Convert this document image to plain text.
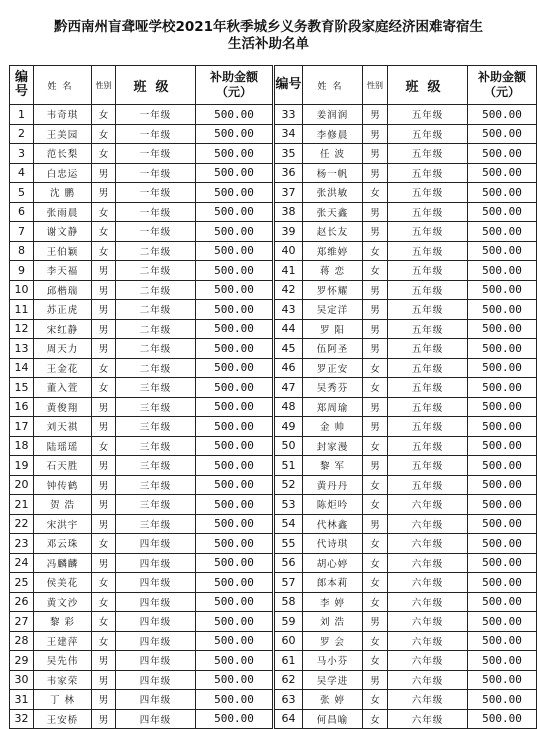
黔西南州盲聋哑学校2021年秋季城乡义务教育阶段家庭经济困难寄宿生
生活补助名单
编号	姓名	性别	班级	补助金额（元）
1	韦奇琪	女	一年级	500.00
2	王美园	女	一年级	500.00
3	范长梨	女	一年级	500.00
4	白忠运	男	一年级	500.00
5	沈 鹏	男	一年级	500.00
6	张雨晨	女	一年级	500.00
7	谢文静	女	一年级	500.00
8	王伯颖	女	二年级	500.00
9	李天福	男	二年级	500.00
10	邱楷瑞	男	二年级	500.00
11	苏正虎	男	二年级	500.00
12	宋红静	男	二年级	500.00
13	周天力	男	二年级	500.00
14	王金花	女	二年级	500.00
15	董入萱	女	三年级	500.00
16	黄俊翔	男	三年级	500.00
17	刘天祺	男	三年级	500.00
18	陆瑶瑶	女	三年级	500.00
19	石天胜	男	三年级	500.00
20	钟传鹤	男	三年级	500.00
21	贺 浩	男	三年级	500.00
22	宋洪宇	男	三年级	500.00
23	邓云珠	女	四年级	500.00
24	冯麟麟	男	四年级	500.00
25	侯美花	女	四年级	500.00
26	黄文沙	女	四年级	500.00
27	黎 彩	女	四年级	500.00
28	王建萍	女	四年级	500.00
29	吴先伟	男	四年级	500.00
30	韦家荣	男	四年级	500.00
31	丁 林	男	四年级	500.00
32	王安桥	男	四年级	500.00
编号	姓名	性别	班级	补助金额（元）
33	姜润润	男	五年级	500.00
34	李修晨	男	五年级	500.00
35	任 波	男	五年级	500.00
36	杨一帆	男	五年级	500.00
37	张洪敏	女	五年级	500.00
38	张天鑫	男	五年级	500.00
39	赵长友	男	五年级	500.00
40	郑维婷	女	五年级	500.00
41	蒋 恋	女	五年级	500.00
42	罗怀耀	男	五年级	500.00
43	吴定洋	男	五年级	500.00
44	罗 阳	男	五年级	500.00
45	伍阿圣	男	五年级	500.00
46	罗正安	女	五年级	500.00
47	吴秀芬	女	五年级	500.00
48	郑周瑜	男	五年级	500.00
49	金 帅	男	五年级	500.00
50	封家漫	女	五年级	500.00
51	黎 军	男	五年级	500.00
52	黄丹丹	女	五年级	500.00
53	陈炬吟	女	六年级	500.00
54	代林鑫	男	六年级	500.00
55	代诗琪	女	六年级	500.00
56	胡心婷	女	六年级	500.00
57	郎本莉	女	六年级	500.00
58	李 婷	女	六年级	500.00
59	刘 浩	男	六年级	500.00
60	罗 会	女	六年级	500.00
61	马小芬	女	六年级	500.00
62	吴学进	男	六年级	500.00
63	张 婷	女	六年级	500.00
64	何昌喻	女	六年级	500.00
